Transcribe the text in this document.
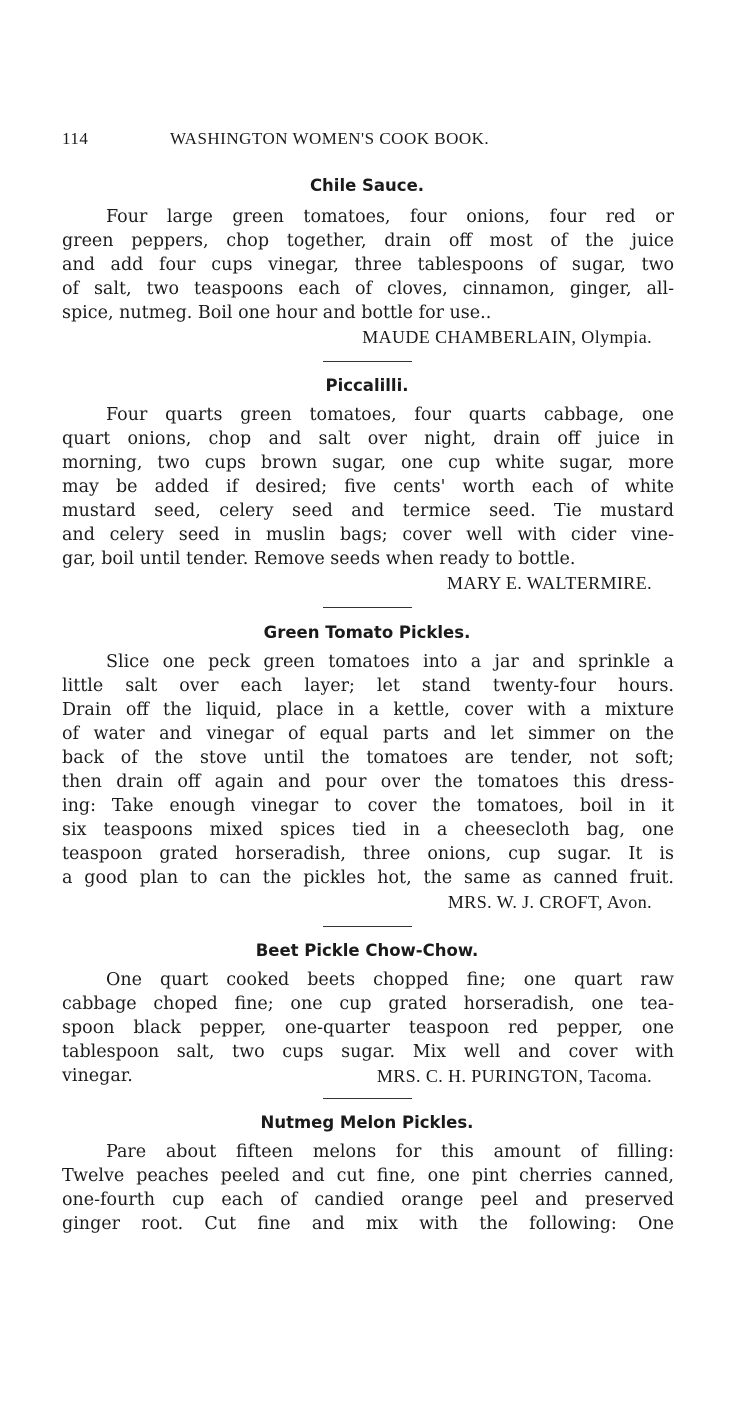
114	WASHINGTON WOMEN'S COOK BOOK.
Chile Sauce.
Four large green tomatoes, four onions, four red or
green peppers, chop together, drain off most of the juice
and add four cups vinegar, three tablespoons of sugar, two
of salt, two teaspoons each of cloves, cinnamon, ginger, all-
spice, nutmeg. Boil one hour and bottle for use..
MAUDE CHAMBERLAIN, Olympia.
Piccalilli.
Four quarts green tomatoes, four quarts cabbage, one
quart onions, chop and salt over night, drain off juice in
morning, two cups brown sugar, one cup white sugar, more
may be added if desired; five cents' worth each of white
mustard seed, celery seed and termice seed. Tie mustard
and celery seed in muslin bags; cover well with cider vine-
gar, boil until tender. Remove seeds when ready to bottle.
MARY E. WALTERMIRE.
Green Tomato Pickles.
Slice one peck green tomatoes into a jar and sprinkle a
little salt over each layer; let stand twenty-four hours.
Drain off the liquid, place in a kettle, cover with a mixture
of water and vinegar of equal parts and let simmer on the
back of the stove until the tomatoes are tender, not soft;
then drain off again and pour over the tomatoes this dress-
ing: Take enough vinegar to cover the tomatoes, boil in it
six teaspoons mixed spices tied in a cheesecloth bag, one
teaspoon grated horseradish, three onions, cup sugar. It is
a good plan to can the pickles hot, the same as canned fruit.
MRS. W. J. CROFT, Avon.
Beet Pickle Chow-Chow.
One quart cooked beets chopped fine; one quart raw
cabbage choped fine; one cup grated horseradish, one tea-
spoon black pepper, one-quarter teaspoon red pepper, one
tablespoon salt, two cups sugar. Mix well and cover with
vinegar.	MRS. C. H. PURINGTON, Tacoma.
Nutmeg Melon Pickles.
Pare about fifteen melons for this amount of filling:
Twelve peaches peeled and cut fine, one pint cherries canned,
one-fourth cup each of candied orange peel and preserved
ginger root. Cut fine and mix with the following: One
